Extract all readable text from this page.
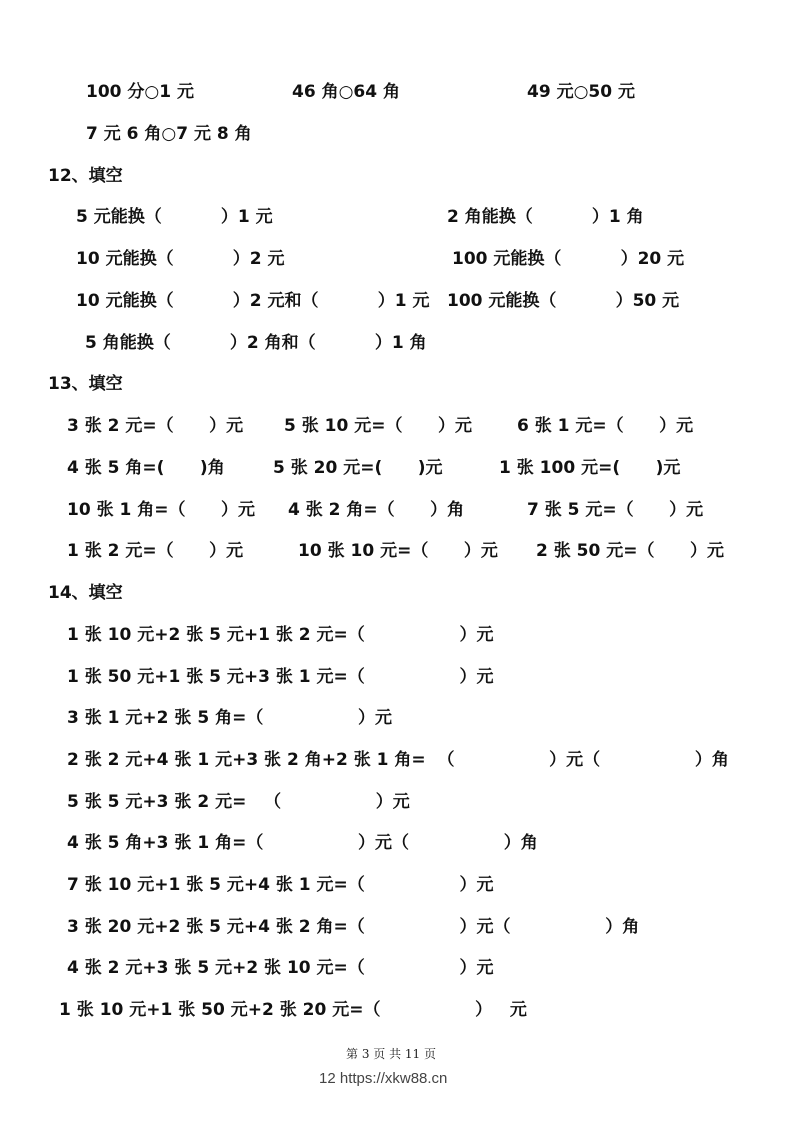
100 分○1 元	46 角○64 角	49 元○50 元
7 元 6 角○7 元 8 角
12、填空
5 元能换（          ）1 元	2 角能换（          ）1 角
10 元能换（          ）2 元	100 元能换（          ）20 元
10 元能换（          ）2 元和（          ）1 元 100 元能换（          ）50 元
5 角能换（          ）2 角和（          ）1 角
13、填空
3 张 2 元=（      ）元 5 张 10 元=（      ）元	6 张 1 元=（      ）元
4 张 5 角=(      )角	5 张 20 元=(      )元	1 张 100 元=(      )元
10 张 1 角=（      ）元 4 张 2 角=（      ）角	7 张 5 元=（      ）元
1 张 2 元=（      ）元	10 张 10 元=（      ）元 2 张 50 元=（      ）元
14、填空
1 张 10 元+2 张 5 元+1 张 2 元=（                ）元
1 张 50 元+1 张 5 元+3 张 1 元=（                ）元
3 张 1 元+2 张 5 角=（                ）元
2 张 2 元+4 张 1 元+3 张 2 角+2 张 1 角=  （                ）元（                ）角
5 张 5 元+3 张 2 元=   （                ）元
4 张 5 角+3 张 1 角=（                ）元（                ）角
7 张 10 元+1 张 5 元+4 张 1 元=（                ）元
3 张 20 元+2 张 5 元+4 张 2 角=（                ）元（                ）角
4 张 2 元+3 张 5 元+2 张 10 元=（                ）元
1 张 10 元+1 张 50 元+2 张 20 元=（                ）   元
第 3 页 共 11 页
12 https://xkw88.cn
